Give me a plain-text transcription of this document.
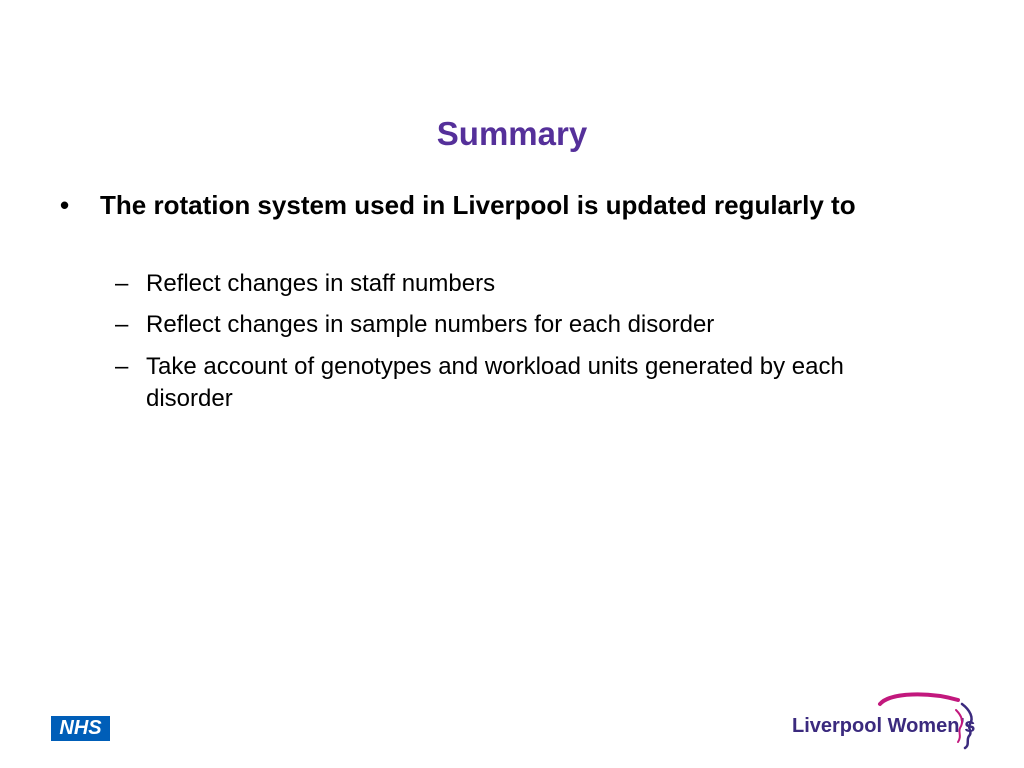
Summary
•	The rotation system used in Liverpool is updated regularly to
– Reflect changes in staff numbers
– Reflect changes in sample numbers for each disorder
– Take account of genotypes and workload units generated by each disorder
NHS	Liverpool Women’s
